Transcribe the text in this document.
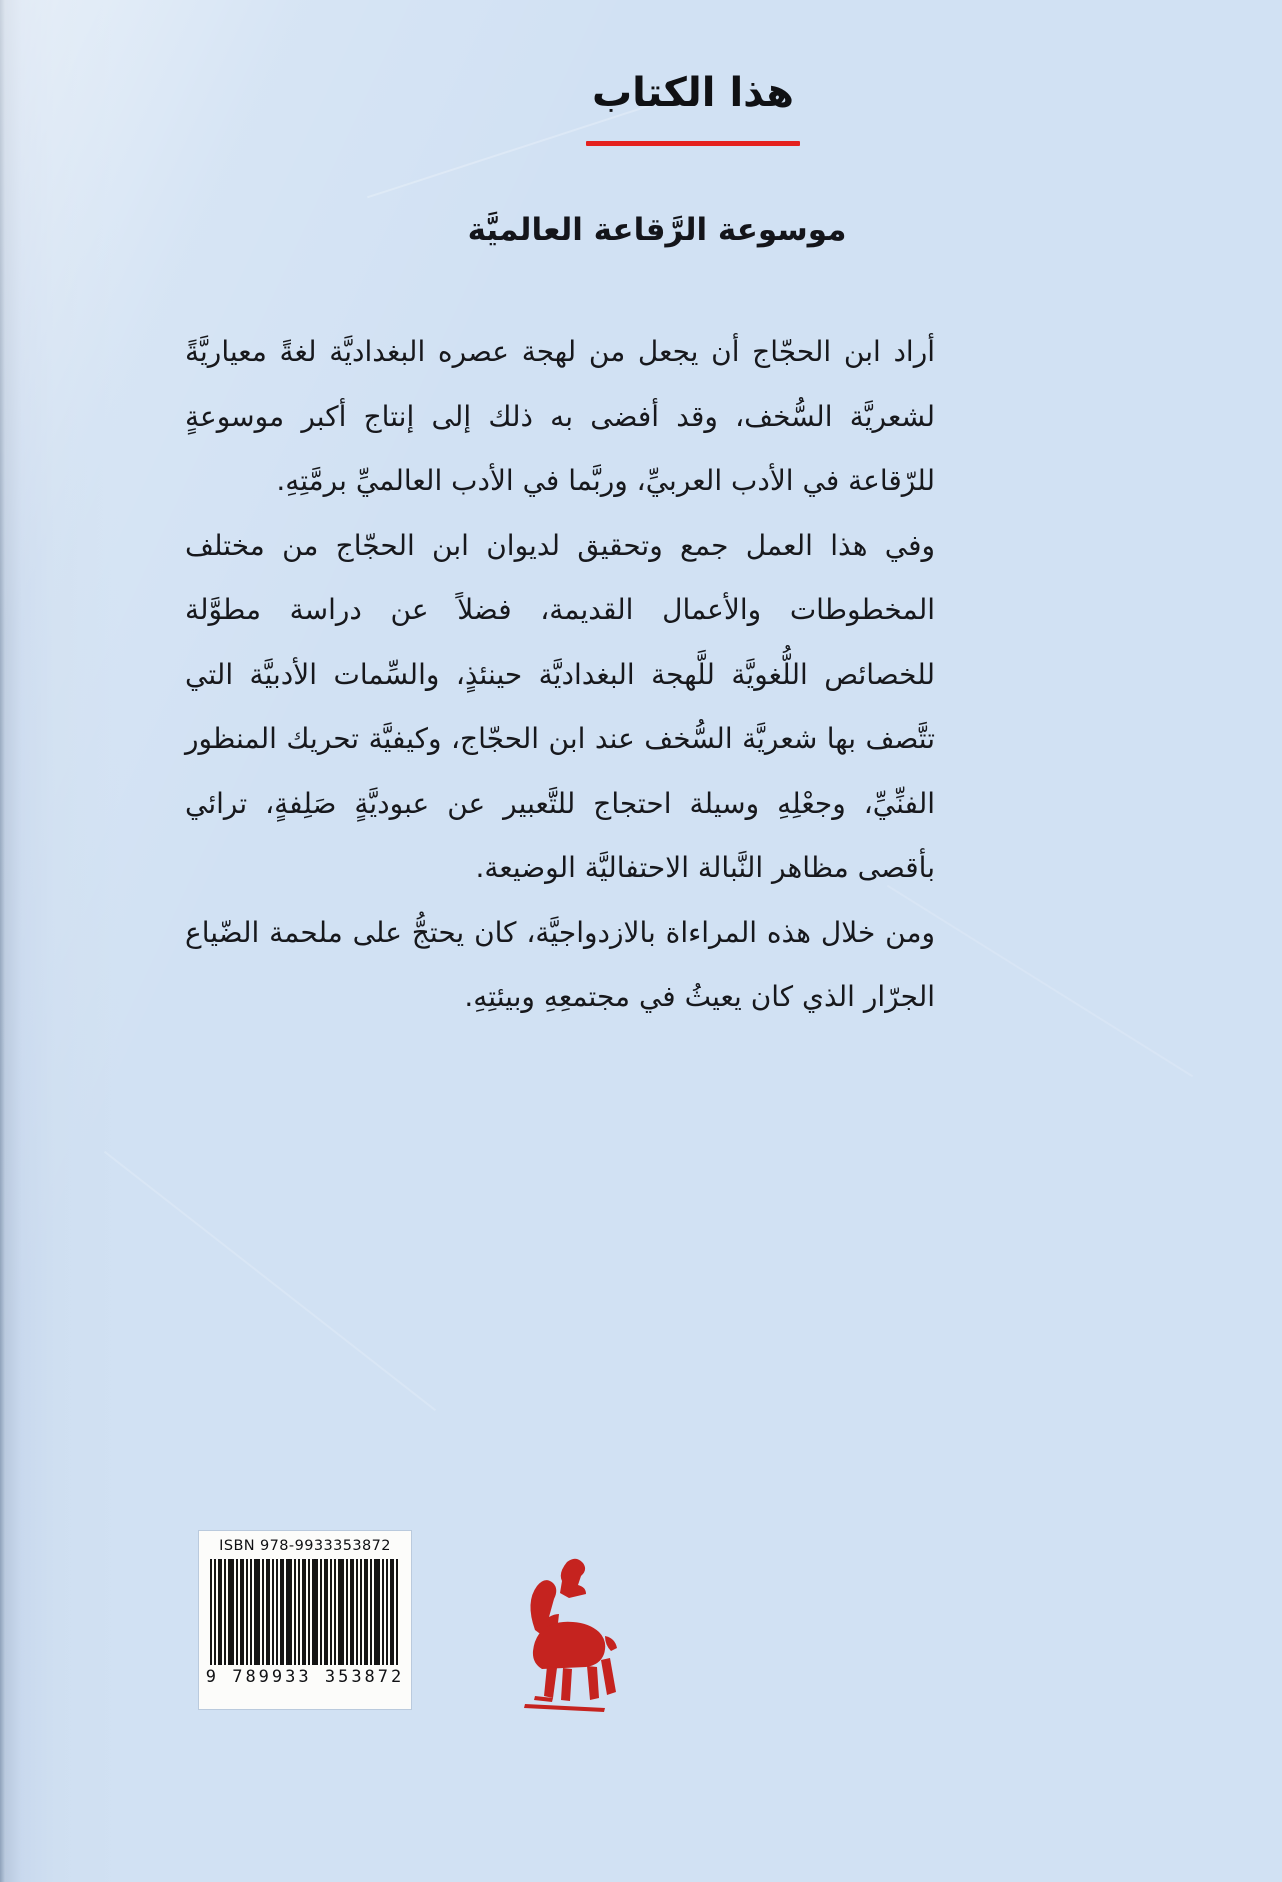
هذا الكتاب
موسوعة الرَّقاعة العالميَّة

أراد ابن الحجّاج أن يجعل من لهجة عصره البغداديَّة لغةً معياريَّةً لشعريَّة السُّخف، وقد أفضى به ذلك إلى إنتاج أكبر موسوعةٍ للرّقاعة في الأدب العربيِّ، وربَّما في الأدب العالميِّ برمَّتِهِ.

وفي هذا العمل جمع وتحقيق لديوان ابن الحجّاج من مختلف المخطوطات والأعمال القديمة، فضلاً عن دراسة مطوَّلة للخصائص اللُّغويَّة للَّهجة البغداديَّة حينئذٍ، والسِّمات الأدبيَّة التي تتَّصف بها شعريَّة السُّخف عند ابن الحجّاج، وكيفيَّة تحريك المنظور الفنِّيِّ، وجعْلِهِ وسيلة احتجاج للتَّعبير عن عبوديَّةٍ صَلِفةٍ، ترائي بأقصى مظاهر النَّبالة الاحتفاليَّة الوضيعة.

ومن خلال هذه المراءاة بالازدواجيَّة، كان يحتجُّ على ملحمة الضّياع الجرّار الذي كان يعيثُ في مجتمعِهِ وبيئتِهِ.

ISBN 978-9933353872
9 789933 353872
